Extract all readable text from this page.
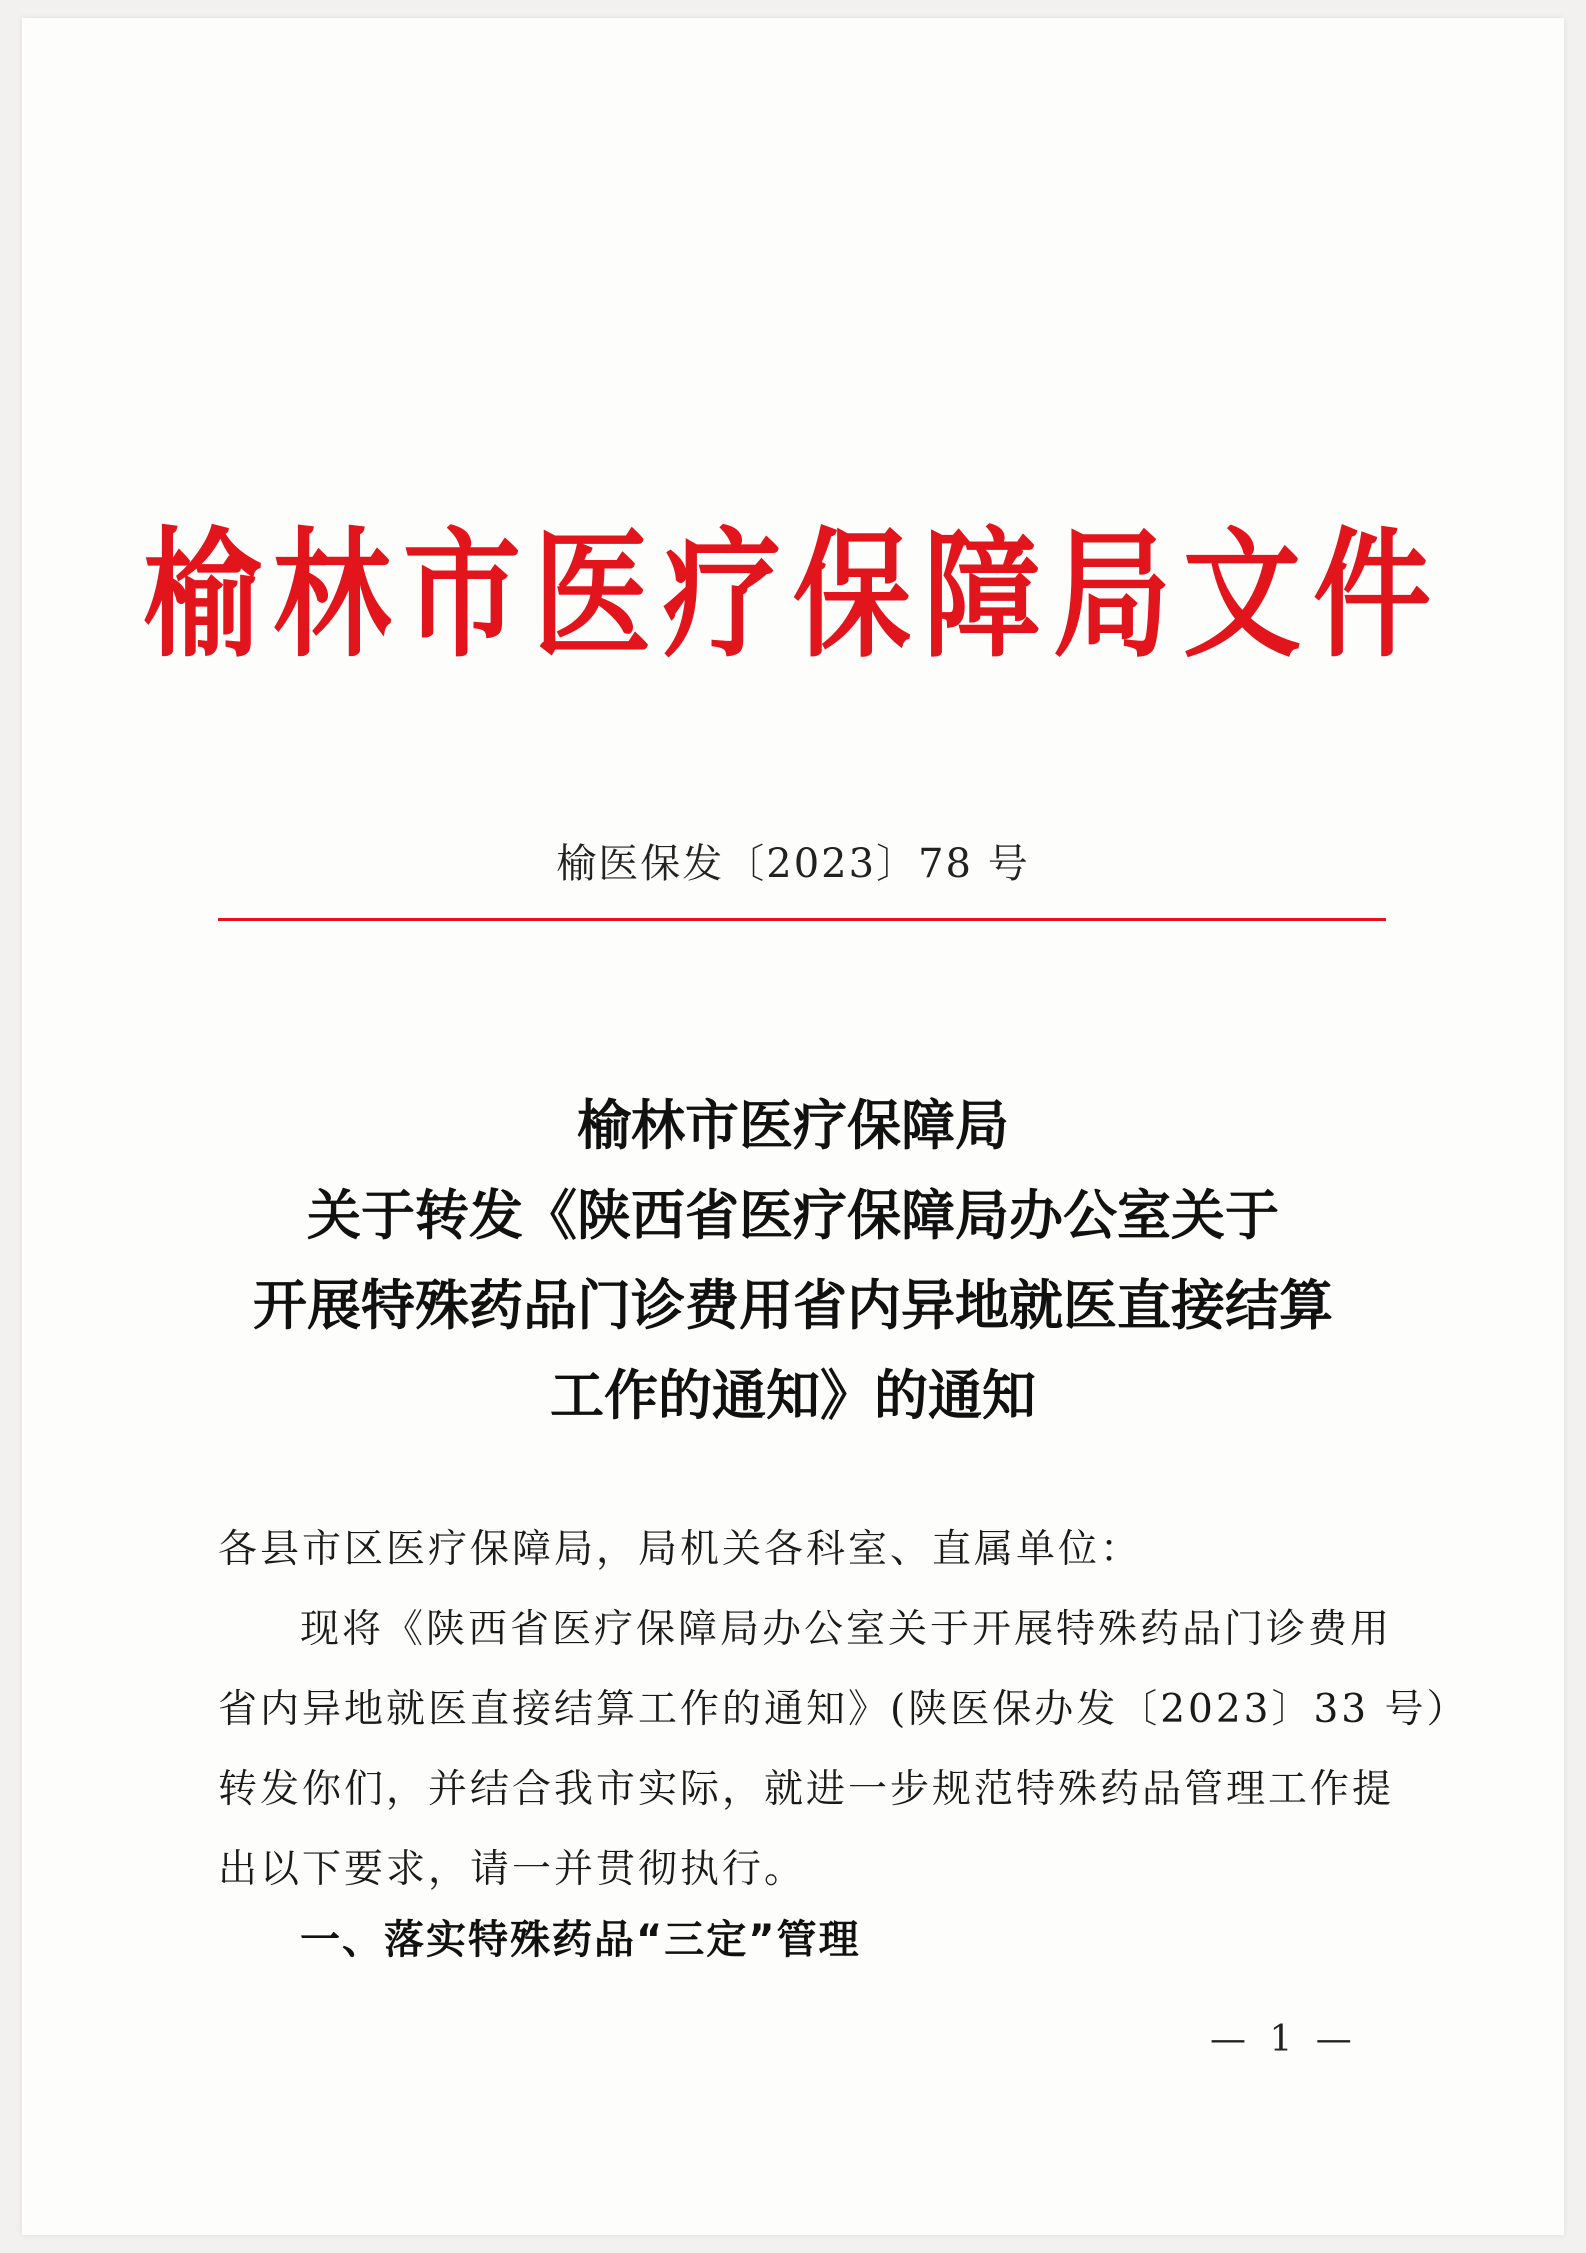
榆林市医疗保障局文件
榆医保发〔2023〕78 号
榆林市医疗保障局
关于转发《陕西省医疗保障局办公室关于
开展特殊药品门诊费用省内异地就医直接结算
工作的通知》的通知
各县市区医疗保障局，局机关各科室、直属单位：
现将《陕西省医疗保障局办公室关于开展特殊药品门诊费用
省内异地就医直接结算工作的通知》(陕医保办发〔2023〕33 号）
转发你们，并结合我市实际，就进一步规范特殊药品管理工作提
出以下要求，请一并贯彻执行。
一、落实特殊药品“三定”管理
— 1 —
